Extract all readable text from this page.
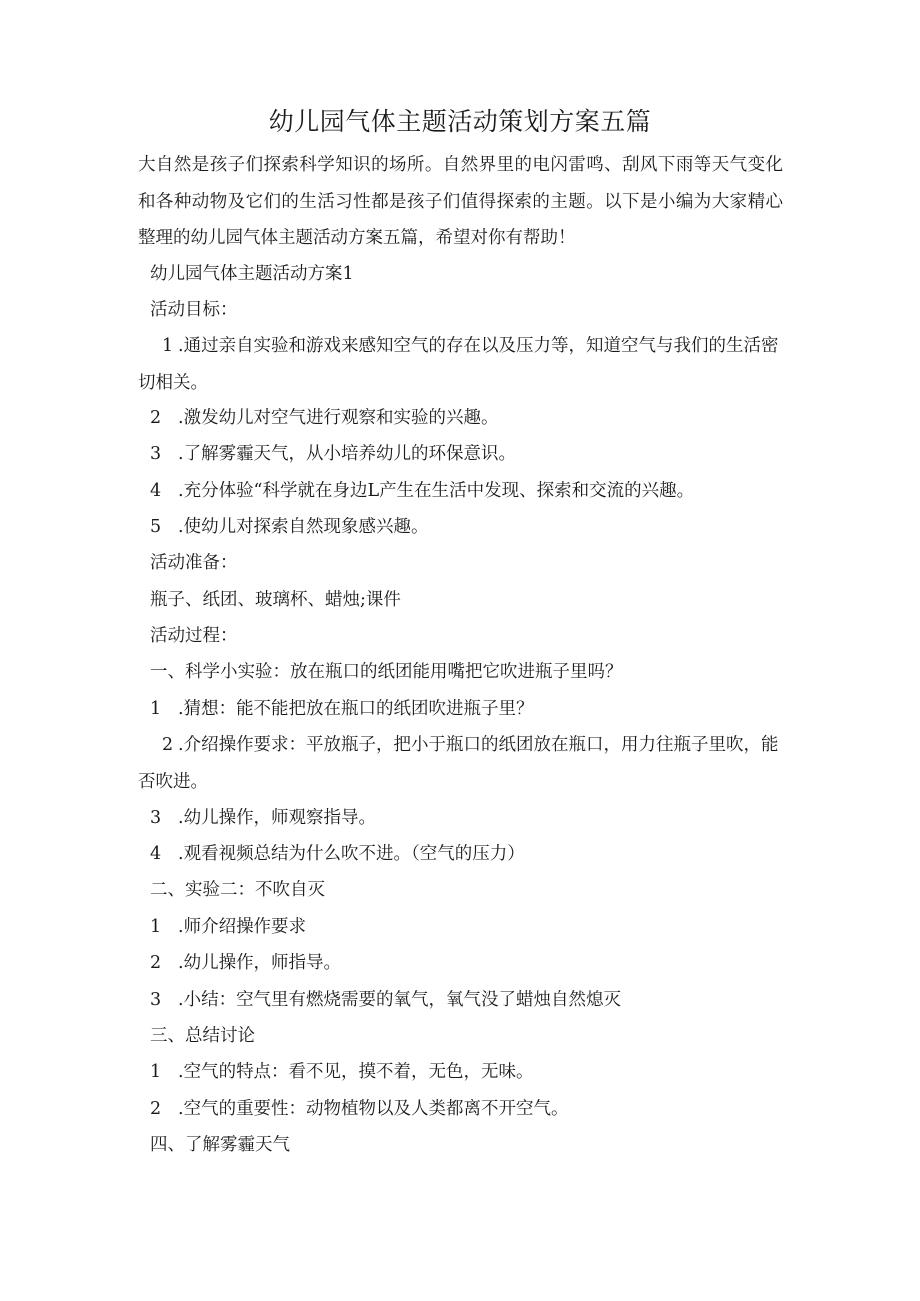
幼儿园气体主题活动策划方案五篇

大自然是孩子们探索科学知识的场所。自然界里的电闪雷鸣、刮风下雨等天气变化和各种动物及它们的生活习性都是孩子们值得探索的主题。以下是小编为大家精心整理的幼儿园气体主题活动方案五篇，希望对你有帮助！

幼儿园气体主题活动方案1

活动目标：

1 .通过亲自实验和游戏来感知空气的存在以及压力等，知道空气与我们的生活密切相关。

2 .激发幼儿对空气进行观察和实验的兴趣。

3 .了解雾霾天气，从小培养幼儿的环保意识。

4 .充分体验“科学就在身边L产生在生活中发现、探索和交流的兴趣。

5 .使幼儿对探索自然现象感兴趣。

活动准备：

瓶子、纸团、玻璃杯、蜡烛;课件

活动过程：

一、科学小实验：放在瓶口的纸团能用嘴把它吹进瓶子里吗？

1 .猜想：能不能把放在瓶口的纸团吹进瓶子里？

2 .介绍操作要求：平放瓶子，把小于瓶口的纸团放在瓶口，用力往瓶子里吹，能否吹进。

3 .幼儿操作，师观察指导。

4 .观看视频总结为什么吹不进。（空气的压力）

二、实验二：不吹自灭

1 .师介绍操作要求

2 .幼儿操作，师指导。

3 .小结：空气里有燃烧需要的氧气，氧气没了蜡烛自然熄灭

三、总结讨论

1 .空气的特点：看不见，摸不着，无色，无味。

2 .空气的重要性：动物植物以及人类都离不开空气。

四、了解雾霾天气
